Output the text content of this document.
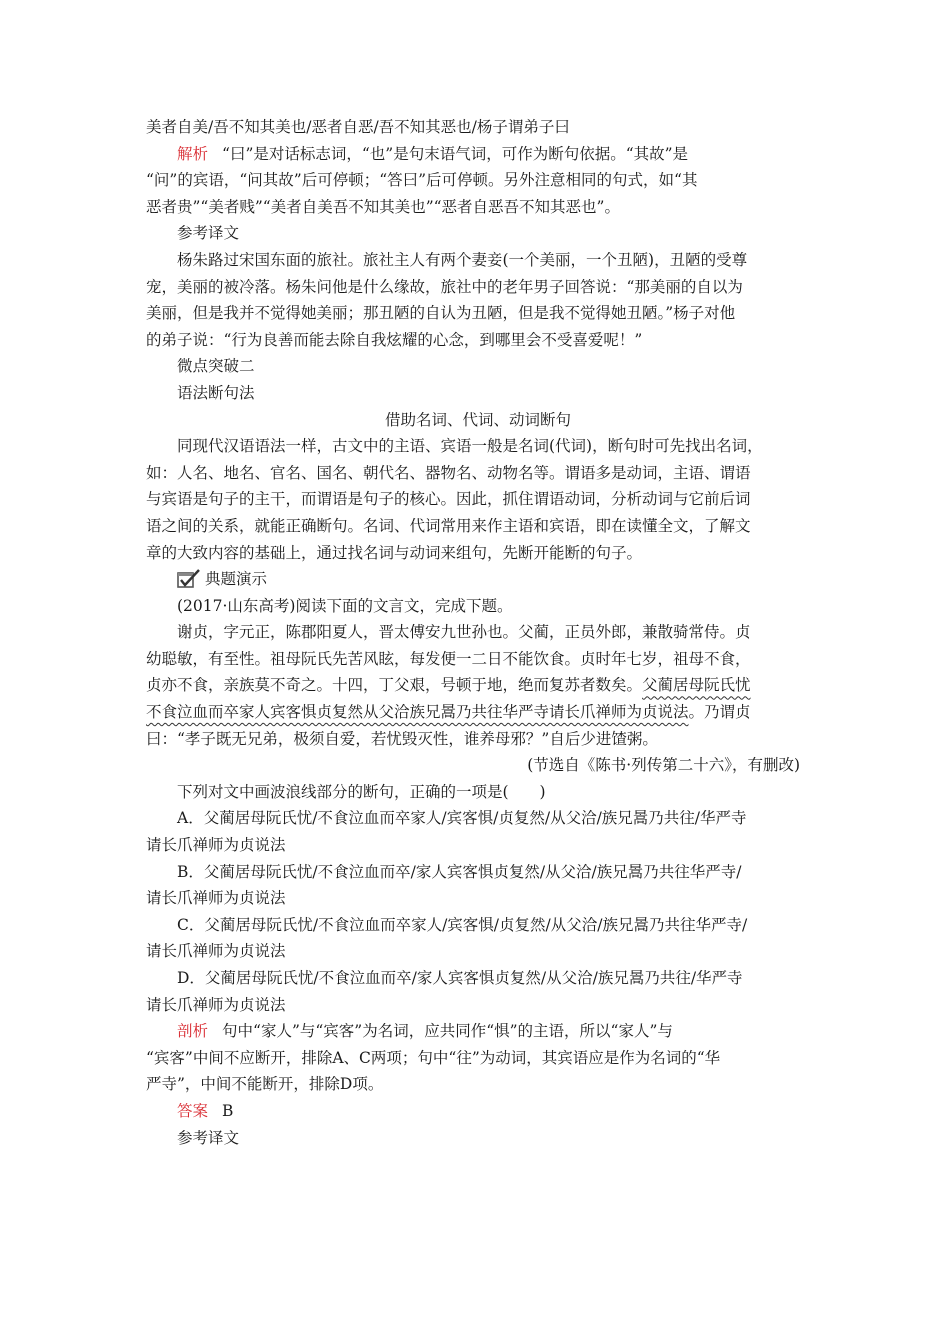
美者自美/吾不知其美也/恶者自恶/吾不知其恶也/杨子谓弟子曰

解析 “曰”是对话标志词，“也”是句末语气词，可作为断句依据。“其故”是

“问”的宾语，“问其故”后可停顿；“答曰”后可停顿。另外注意相同的句式，如“其

恶者贵”“美者贱”“美者自美吾不知其美也”“恶者自恶吾不知其恶也”。

参考译文

杨朱路过宋国东面的旅社。旅社主人有两个妻妾(一个美丽，一个丑陋)，丑陋的受尊

宠，美丽的被冷落。杨朱问他是什么缘故，旅社中的老年男子回答说：“那美丽的自以为

美丽，但是我并不觉得她美丽；那丑陋的自认为丑陋，但是我不觉得她丑陋。”杨子对他

的弟子说：“行为良善而能去除自我炫耀的心念，到哪里会不受喜爱呢！”

微点突破二

语法断句法

借助名词、代词、动词断句

同现代汉语语法一样，古文中的主语、宾语一般是名词(代词)，断句时可先找出名词，

如：人名、地名、官名、国名、朝代名、器物名、动物名等。谓语多是动词，主语、谓语

与宾语是句子的主干，而谓语是句子的核心。因此，抓住谓语动词，分析动词与它前后词

语之间的关系，就能正确断句。名词、代词常用来作主语和宾语，即在读懂全文，了解文

章的大致内容的基础上，通过找名词与动词来组句，先断开能断的句子。

典题演示

(2017·山东高考)阅读下面的文言文，完成下题。

谢贞，字元正，陈郡阳夏人，晋太傅安九世孙也。父蔺，正员外郎，兼散骑常侍。贞

幼聪敏，有至性。祖母阮氏先苦风眩，每发便一二日不能饮食。贞时年七岁，祖母不食，

贞亦不食，亲族莫不奇之。十四，丁父艰，号顿于地，绝而复苏者数矣。父蔺居母阮氏忧

不食泣血而卒家人宾客惧贞复然从父洽族兄暠乃共往华严寺请长爪禅师为贞说法。乃谓贞

曰：“孝子既无兄弟，极须自爱，若忧毁灭性，谁养母邪？”自后少进馇粥。

(节选自《陈书·列传第二十六》，有删改)

下列对文中画波浪线部分的断句，正确的一项是(　　)

A．父蔺居母阮氏忧/不食泣血而卒家人/宾客惧/贞复然/从父洽/族兄暠乃共往/华严寺

请长爪禅师为贞说法

B．父蔺居母阮氏忧/不食泣血而卒/家人宾客惧贞复然/从父洽/族兄暠乃共往华严寺/

请长爪禅师为贞说法

C．父蔺居母阮氏忧/不食泣血而卒家人/宾客惧/贞复然/从父洽/族兄暠乃共往华严寺/

请长爪禅师为贞说法

D．父蔺居母阮氏忧/不食泣血而卒/家人宾客惧贞复然/从父洽/族兄暠乃共往/华严寺

请长爪禅师为贞说法

剖析 句中“家人”与“宾客”为名词，应共同作“惧”的主语，所以“家人”与

“宾客”中间不应断开，排除A、C两项；句中“往”为动词，其宾语应是作为名词的“华

严寺”，中间不能断开，排除D项。

答案 B

参考译文
